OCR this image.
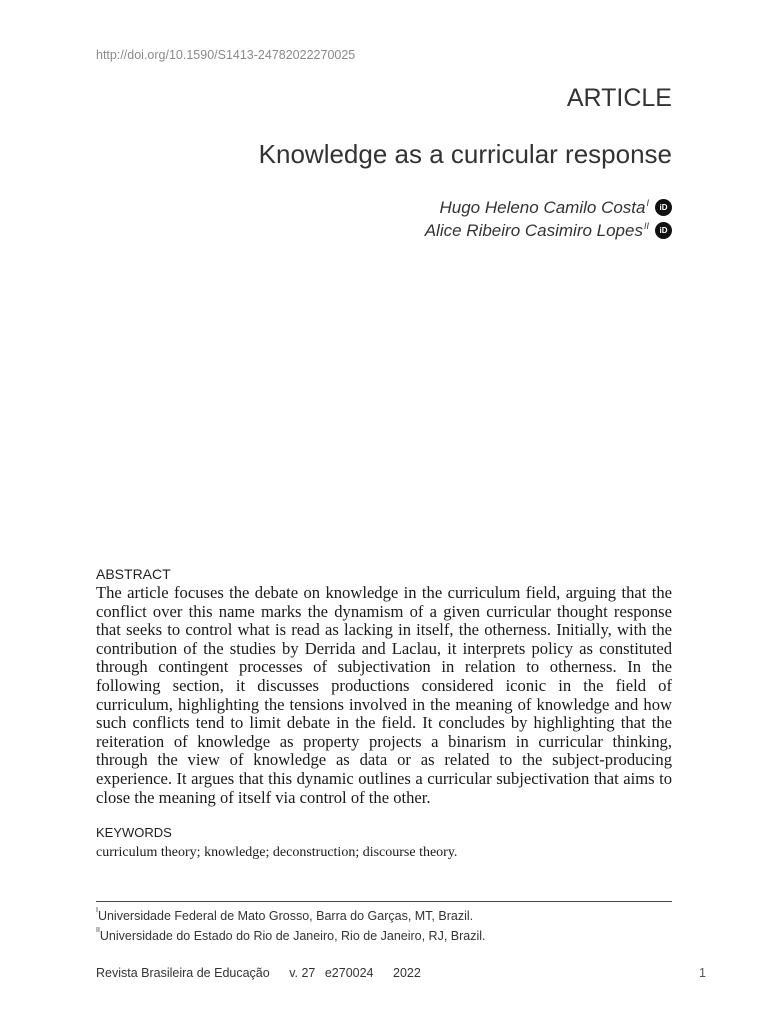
http://doi.org/10.1590/S1413-24782022270025
ARTICLE
Knowledge as a curricular response
Hugo Heleno Camilo Costa$^I$	iD
Alice Ribeiro Casimiro Lopes$^{II}$	iD
ABSTRACT
The article focuses the debate on knowledge in the curriculum field, arguing that the conflict over this name marks the dynamism of a given curricular thought response that seeks to control what is read as lacking in itself, the otherness. Initially, with the contribution of the studies by Derrida and Laclau, it interprets policy as constituted through contingent processes of subjectivation in relation to otherness. In the following section, it discusses productions considered iconic in the field of curriculum, highlighting the tensions involved in the meaning of knowledge and how such conflicts tend to limit debate in the field. It concludes by highlighting that the reiteration of knowledge as property projects a binarism in curricular thinking, through the view of knowledge as data or as related to the subject-producing experience. It argues that this dynamic outlines a curricular subjectivation that aims to close the meaning of itself via control of the other.
KEYWORDS
curriculum theory; knowledge; deconstruction; discourse theory.
$^I$Universidade Federal de Mato Grosso, Barra do Garças, MT, Brazil.
$^{II}$Universidade do Estado do Rio de Janeiro, Rio de Janeiro, RJ, Brazil.
Revista Brasileira de Educação v. 27 e270024 2022	1
